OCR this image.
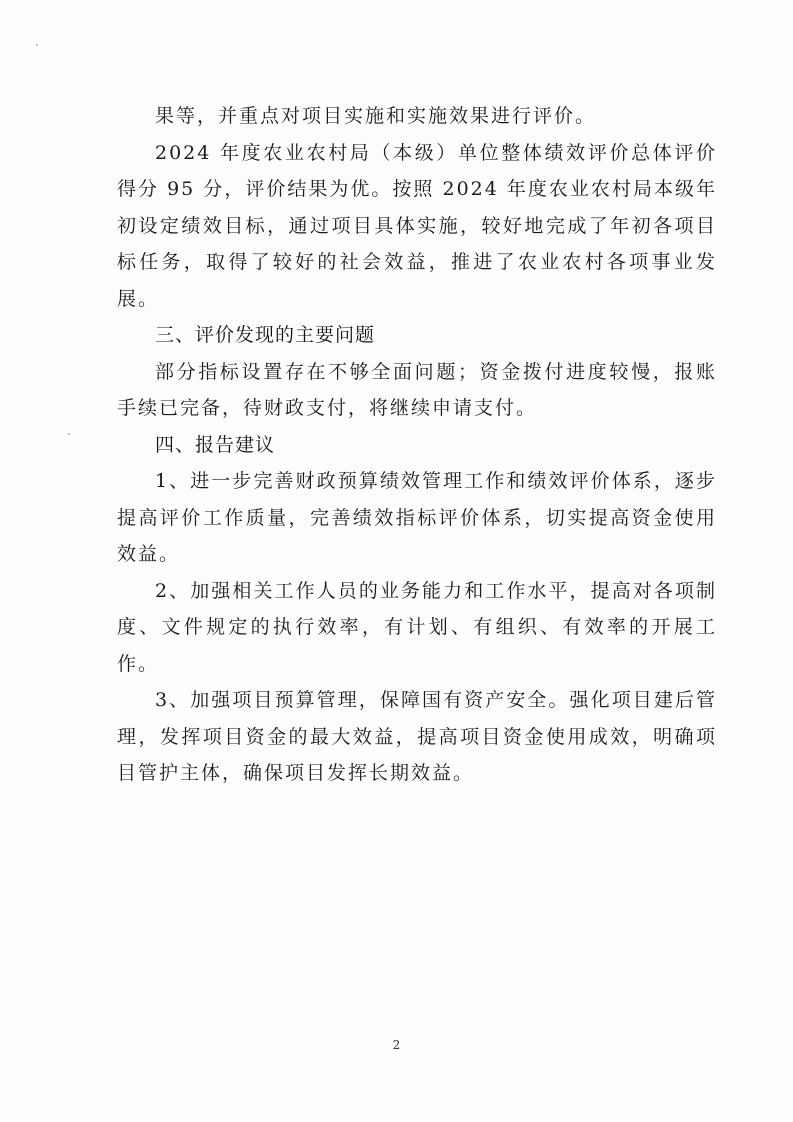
果等，并重点对项目实施和实施效果进行评价。

2024 年度农业农村局（本级）单位整体绩效评价总体评价得分 95 分，评价结果为优。按照 2024 年度农业农村局本级年初设定绩效目标，通过项目具体实施，较好地完成了年初各项目标任务，取得了较好的社会效益，推进了农业农村各项事业发展。

三、评价发现的主要问题

部分指标设置存在不够全面问题；资金拨付进度较慢，报账手续已完备，待财政支付，将继续申请支付。

四、报告建议

1、进一步完善财政预算绩效管理工作和绩效评价体系，逐步提高评价工作质量，完善绩效指标评价体系，切实提高资金使用效益。

2、加强相关工作人员的业务能力和工作水平，提高对各项制度、文件规定的执行效率，有计划、有组织、有效率的开展工作。

3、加强项目预算管理，保障国有资产安全。强化项目建后管理，发挥项目资金的最大效益，提高项目资金使用成效，明确项目管护主体，确保项目发挥长期效益。

2
